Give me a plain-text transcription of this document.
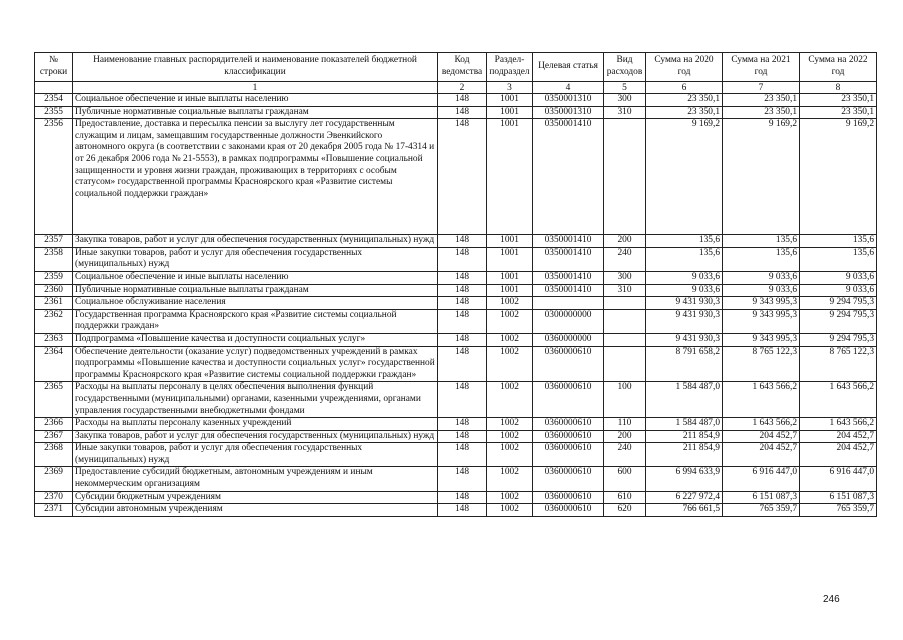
№ строки	Наименование главных распорядителей и наименование показателей бюджетной классификации	Код ведомства	Раздел-подраздел	Целевая статья	Вид расходов	Сумма на 2020 год	Сумма на 2021 год	Сумма на 2022 год
	1	2	3	4	5	6	7	8
2354	Социальное обеспечение и иные выплаты населению	148	1001	0350001310	300	23 350,1	23 350,1	23 350,1
2355	Публичные нормативные социальные выплаты гражданам	148	1001	0350001310	310	23 350,1	23 350,1	23 350,1
2356	Предоставление, доставка и пересылка пенсии за выслугу лет государственным служащим и лицам, замещавшим государственные должности Эвенкийского автономного округа (в соответствии с законами края от 20 декабря 2005 года № 17-4314 и от 26 декабря 2006 года № 21-5553), в рамках подпрограммы «Повышение социальной защищенности и уровня жизни граждан, проживающих в территориях с особым статусом» государственной программы Красноярского края «Развитие системы социальной поддержки граждан»	148	1001	0350001410		9 169,2	9 169,2	9 169,2
2357	Закупка товаров, работ и услуг для обеспечения государственных (муниципальных) нужд	148	1001	0350001410	200	135,6	135,6	135,6
2358	Иные закупки товаров, работ и услуг для обеспечения государственных (муниципальных) нужд	148	1001	0350001410	240	135,6	135,6	135,6
2359	Социальное обеспечение и иные выплаты населению	148	1001	0350001410	300	9 033,6	9 033,6	9 033,6
2360	Публичные нормативные социальные выплаты гражданам	148	1001	0350001410	310	9 033,6	9 033,6	9 033,6
2361	Социальное обслуживание населения	148	1002			9 431 930,3	9 343 995,3	9 294 795,3
2362	Государственная программа Красноярского края «Развитие системы социальной поддержки граждан»	148	1002	0300000000		9 431 930,3	9 343 995,3	9 294 795,3
2363	Подпрограмма «Повышение качества и доступности социальных услуг»	148	1002	0360000000		9 431 930,3	9 343 995,3	9 294 795,3
2364	Обеспечение деятельности (оказание услуг) подведомственных учреждений в рамках подпрограммы «Повышение качества и доступности социальных услуг» государственной программы Красноярского края «Развитие системы социальной поддержки граждан»	148	1002	0360000610		8 791 658,2	8 765 122,3	8 765 122,3
2365	Расходы на выплаты персоналу в целях обеспечения выполнения функций государственными (муниципальными) органами, казенными учреждениями, органами управления государственными внебюджетными фондами	148	1002	0360000610	100	1 584 487,0	1 643 566,2	1 643 566,2
2366	Расходы на выплаты персоналу казенных учреждений	148	1002	0360000610	110	1 584 487,0	1 643 566,2	1 643 566,2
2367	Закупка товаров, работ и услуг для обеспечения государственных (муниципальных) нужд	148	1002	0360000610	200	211 854,9	204 452,7	204 452,7
2368	Иные закупки товаров, работ и услуг для обеспечения государственных (муниципальных) нужд	148	1002	0360000610	240	211 854,9	204 452,7	204 452,7
2369	Предоставление субсидий бюджетным, автономным учреждениям и иным некоммерческим организациям	148	1002	0360000610	600	6 994 633,9	6 916 447,0	6 916 447,0
2370	Субсидии бюджетным учреждениям	148	1002	0360000610	610	6 227 972,4	6 151 087,3	6 151 087,3
2371	Субсидии автономным учреждениям	148	1002	0360000610	620	766 661,5	765 359,7	765 359,7
246
